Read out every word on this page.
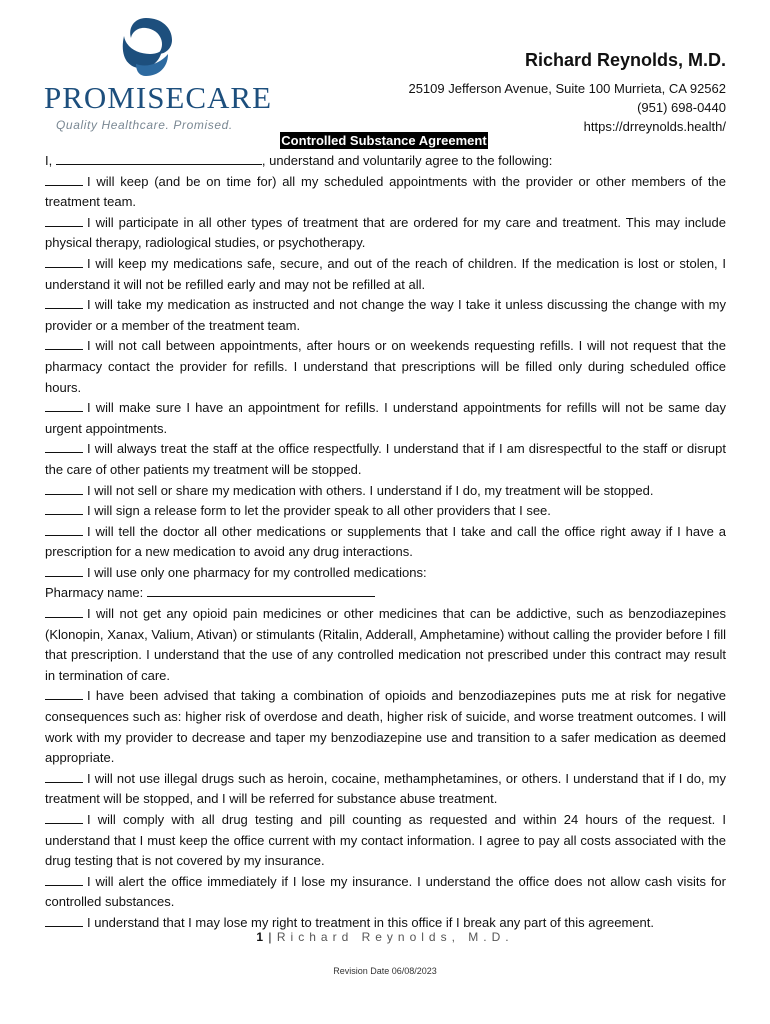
PROMISECARE
Quality Healthcare. Promised.
Richard Reynolds, M.D.
25109 Jefferson Avenue, Suite 100 Murrieta, CA 92562
(951) 698-0440
https://drreynolds.health/
Controlled Substance Agreement

I,	, understand and voluntarily agree to the following:

I will keep (and be on time for) all my scheduled appointments with the provider or other members of the treatment team.

I will participate in all other types of treatment that are ordered for my care and treatment. This may include physical therapy, radiological studies, or psychotherapy.

I will keep my medications safe, secure, and out of the reach of children. If the medication is lost or stolen, I understand it will not be refilled early and may not be refilled at all.

I will take my medication as instructed and not change the way I take it unless discussing the change with my provider or a member of the treatment team.

I will not call between appointments, after hours or on weekends requesting refills. I will not request that the pharmacy contact the provider for refills. I understand that prescriptions will be filled only during scheduled office hours.

I will make sure I have an appointment for refills. I understand appointments for refills will not be same day urgent appointments.

I will always treat the staff at the office respectfully. I understand that if I am disrespectful to the staff or disrupt the care of other patients my treatment will be stopped.

I will not sell or share my medication with others. I understand if I do, my treatment will be stopped.

I will sign a release form to let the provider speak to all other providers that I see.

I will tell the doctor all other medications or supplements that I take and call the office right away if I have a prescription for a new medication to avoid any drug interactions.

I will use only one pharmacy for my controlled medications:

Pharmacy name:

I will not get any opioid pain medicines or other medicines that can be addictive, such as benzodiazepines (Klonopin, Xanax, Valium, Ativan) or stimulants (Ritalin, Adderall, Amphetamine) without calling the provider before I fill that prescription. I understand that the use of any controlled medication not prescribed under this contract may result in termination of care.

I have been advised that taking a combination of opioids and benzodiazepines puts me at risk for negative consequences such as: higher risk of overdose and death, higher risk of suicide, and worse treatment outcomes. I will work with my provider to decrease and taper my benzodiazepine use and transition to a safer medication as deemed appropriate.

I will not use illegal drugs such as heroin, cocaine, methamphetamines, or others. I understand that if I do, my treatment will be stopped, and I will be referred for substance abuse treatment.

I will comply with all drug testing and pill counting as requested and within 24 hours of the request. I understand that I must keep the office current with my contact information. I agree to pay all costs associated with the drug testing that is not covered by my insurance.

I will alert the office immediately if I lose my insurance. I understand the office does not allow cash visits for controlled substances.

I understand that I may lose my right to treatment in this office if I break any part of this agreement.

1 | Richard Reynolds, M.D.
Revision Date 06/08/2023
